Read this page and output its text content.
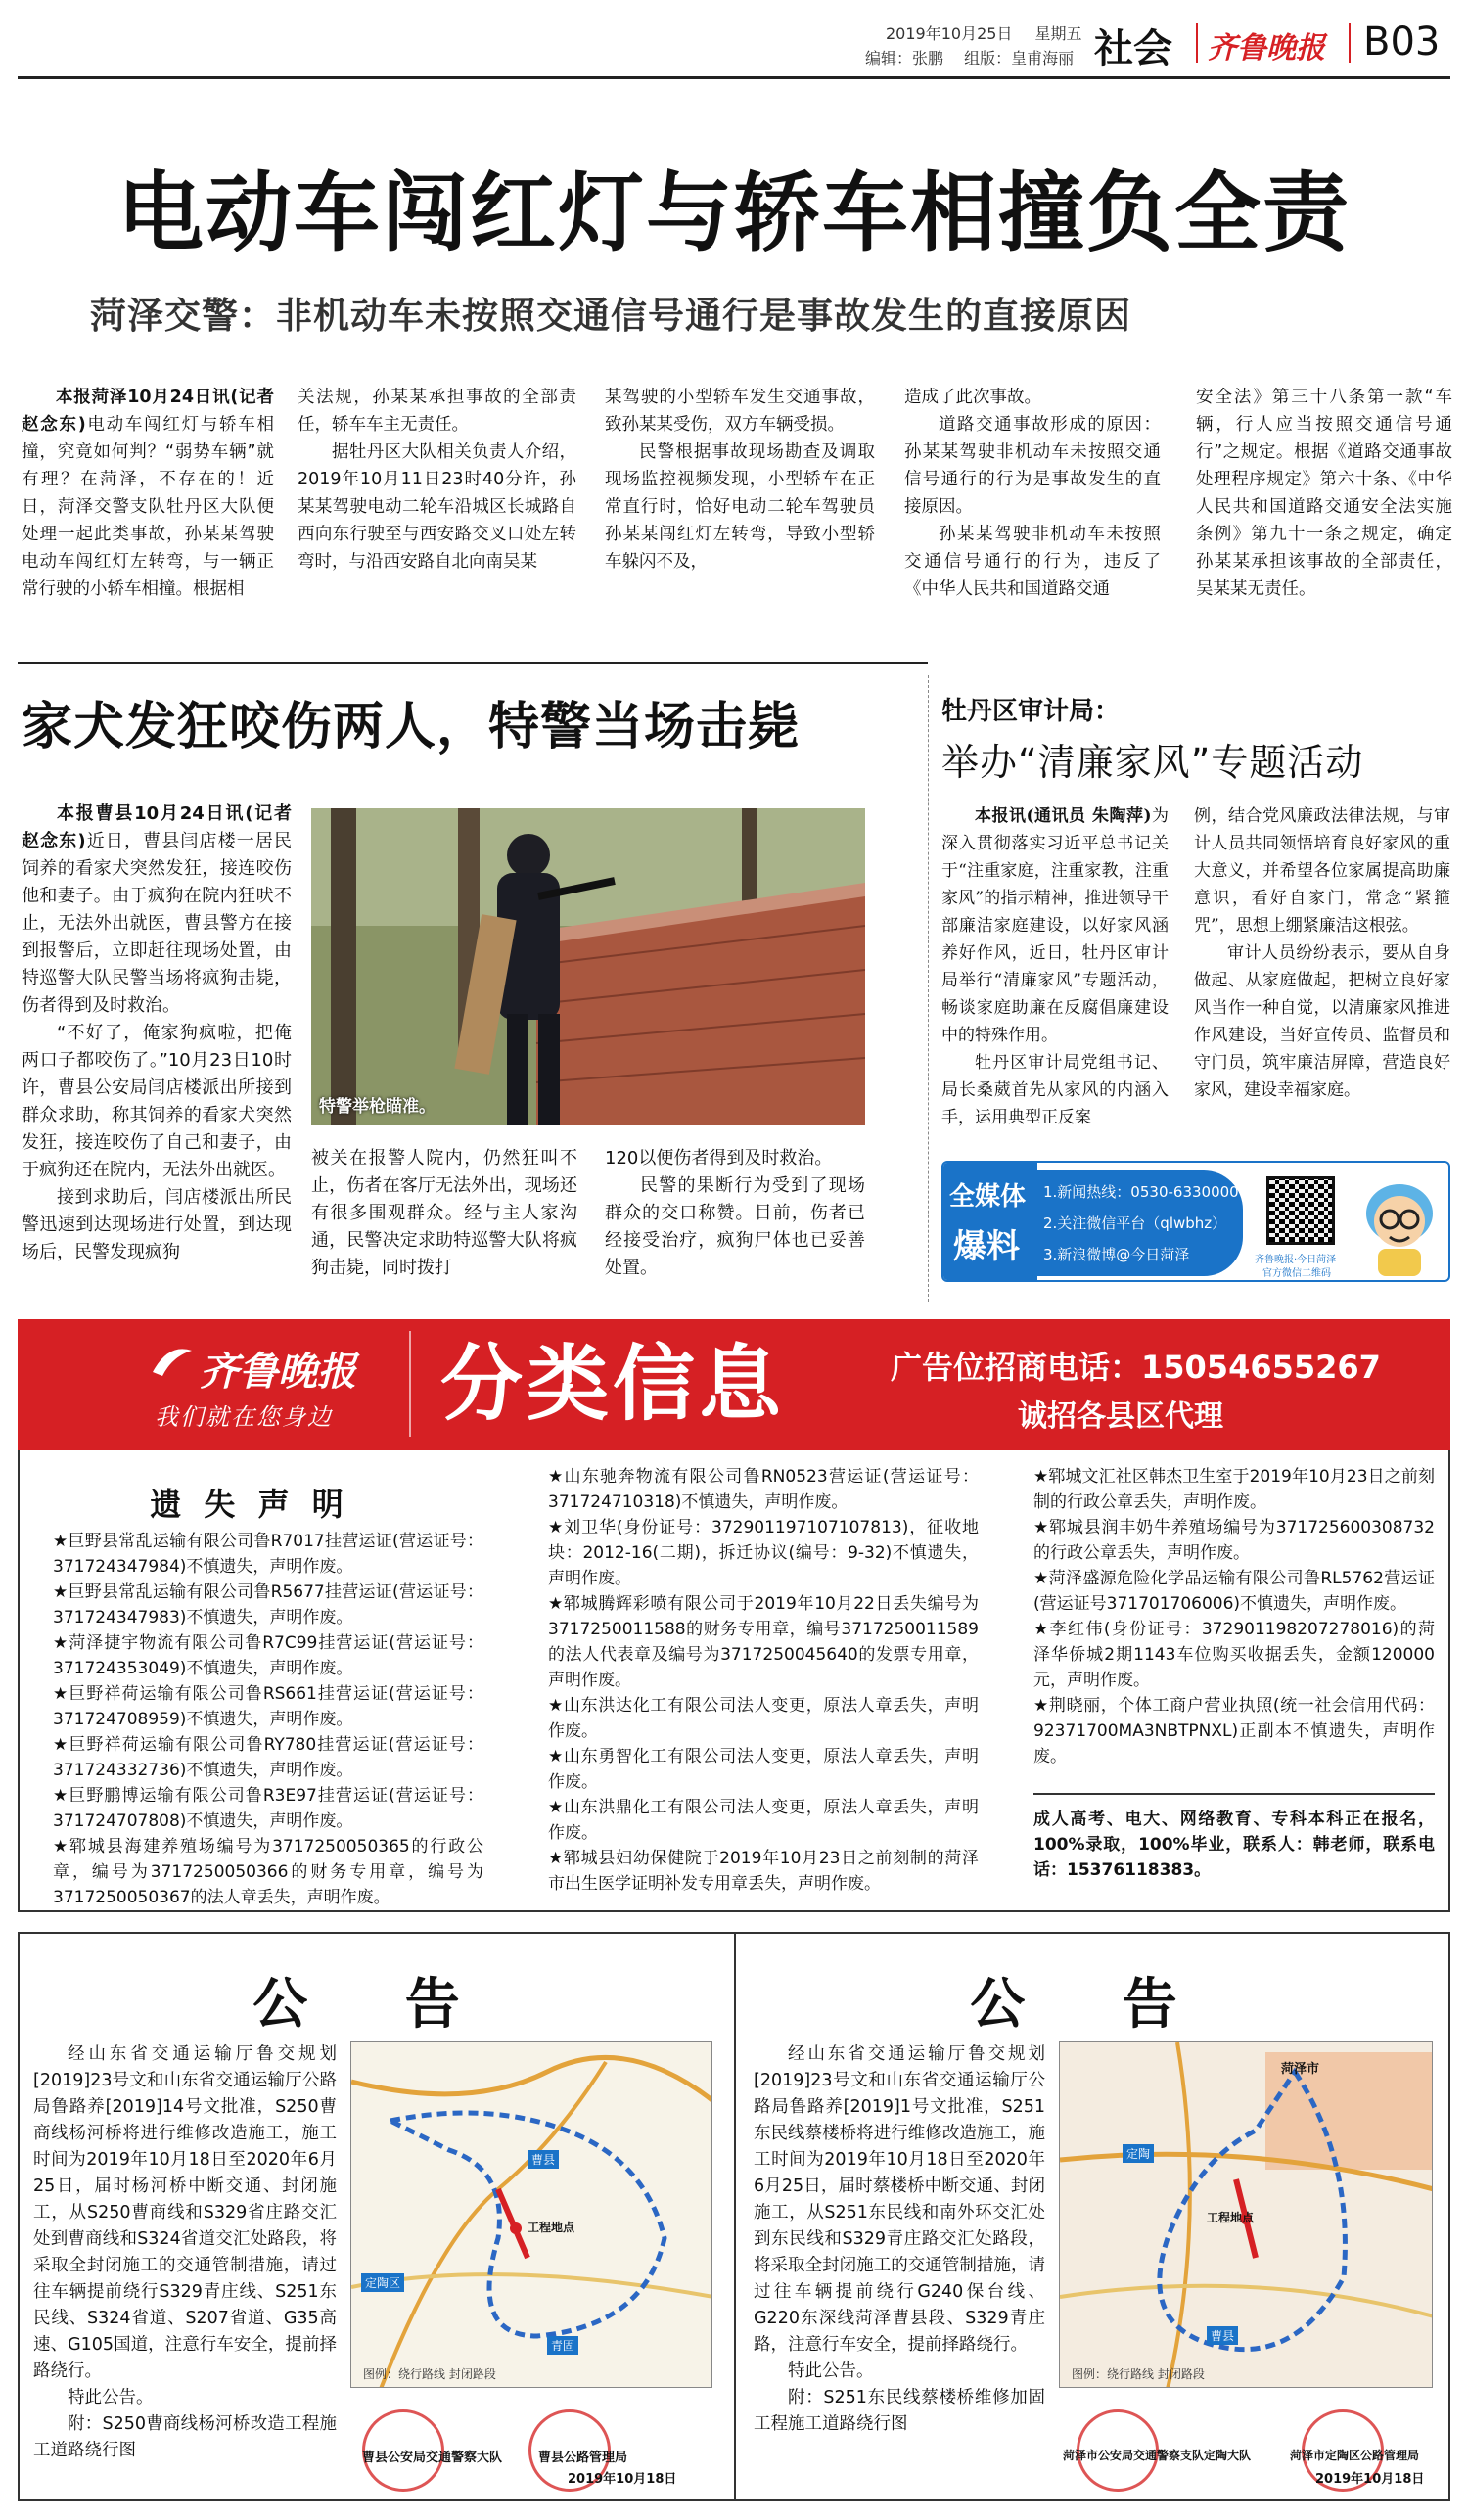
2019年10月25日 星期五
编辑：张鹏 组版：皇甫海丽 社会 齐鲁晚报 B03
电动车闯红灯与轿车相撞负全责
菏泽交警：非机动车未按照交通信号通行是事故发生的直接原因

本报菏泽10月24日讯(记者 赵念东)电动车闯红灯与轿车相撞，究竟如何判？“弱势车辆”就有理？在菏泽，不存在的！近日，菏泽交警支队牡丹区大队便处理一起此类事故，孙某某驾驶电动车闯红灯左转弯，与一辆正常行驶的小轿车相撞。根据相

关法规，孙某某承担事故的全部责任，轿车车主无责任。

据牡丹区大队相关负责人介绍，2019年10月11日23时40分许，孙某某驾驶电动二轮车沿城区长城路自西向东行驶至与西安路交叉口处左转弯时，与沿西安路自北向南吴某

某驾驶的小型轿车发生交通事故，致孙某某受伤，双方车辆受损。

民警根据事故现场勘查及调取现场监控视频发现，小型轿车在正常直行时，恰好电动二轮车驾驶员孙某某闯红灯左转弯，导致小型轿车躲闪不及，

造成了此次事故。

道路交通事故形成的原因：孙某某驾驶非机动车未按照交通信号通行的行为是事故发生的直接原因。

孙某某驾驶非机动车未按照交通信号通行的行为，违反了《中华人民共和国道路交通

安全法》第三十八条第一款“车辆，行人应当按照交通信号通行”之规定。根据《道路交通事故处理程序规定》第六十条、《中华人民共和国道路交通安全法实施条例》第九十一条之规定，确定孙某某承担该事故的全部责任，吴某某无责任。

家犬发狂咬伤两人，特警当场击毙

本报曹县10月24日讯(记者 赵念东)近日，曹县闫店楼一居民饲养的看家犬突然发狂，接连咬伤他和妻子。由于疯狗在院内狂吠不止，无法外出就医，曹县警方在接到报警后，立即赶往现场处置，由特巡警大队民警当场将疯狗击毙，伤者得到及时救治。

“不好了，俺家狗疯啦，把俺两口子都咬伤了。”10月23日10时许，曹县公安局闫店楼派出所接到群众求助，称其饲养的看家犬突然发狂，接连咬伤了自己和妻子，由于疯狗还在院内，无法外出就医。

接到求助后，闫店楼派出所民警迅速到达现场进行处置，到达现场后，民警发现疯狗

特警举枪瞄准。

被关在报警人院内，仍然狂叫不止，伤者在客厅无法外出，现场还有很多围观群众。经与主人家沟通，民警决定求助特巡警大队将疯狗击毙，同时拨打

120以便伤者得到及时救治。

民警的果断行为受到了现场群众的交口称赞。目前，伤者已经接受治疗，疯狗尸体也已妥善处置。

牡丹区审计局：
举办“清廉家风”专题活动

本报讯(通讯员 朱陶萍)为深入贯彻落实习近平总书记关于“注重家庭，注重家教，注重家风”的指示精神，推进领导干部廉洁家庭建设，以好家风涵养好作风，近日，牡丹区审计局举行“清廉家风”专题活动，畅谈家庭助廉在反腐倡廉建设中的特殊作用。

牡丹区审计局党组书记、局长桑葳首先从家风的内涵入手，运用典型正反案

例，结合党风廉政法律法规，与审计人员共同领悟培育良好家风的重大意义，并希望各位家属提高助廉意识，看好自家门，常念“紧箍咒”，思想上绷紧廉洁这根弦。

审计人员纷纷表示，要从自身做起、从家庭做起，把树立良好家风当作一种自觉，以清廉家风推进作风建设，当好宣传员、监督员和守门员，筑牢廉洁屏障，营造良好家风，建设幸福家庭。

全媒体
爆料
1.新闻热线：0530-6330000
2.关注微信平台（qlwbhz）
3.新浪微博@今日菏泽	齐鲁晚报·今日菏泽
官方微信二维码
齐鲁晚报
我们就在您身边 分类信息	广告位招商电话：15054655267
诚招各县区代理
遗 失 声 明
★巨野县常乱运输有限公司鲁R7017挂营运证(营运证号：371724347984)不慎遗失，声明作废。
★巨野县常乱运输有限公司鲁R5677挂营运证(营运证号：371724347983)不慎遗失，声明作废。
★菏泽捷宇物流有限公司鲁R7C99挂营运证(营运证号：371724353049)不慎遗失，声明作废。
★巨野祥荷运输有限公司鲁RS661挂营运证(营运证号：371724708959)不慎遗失，声明作废。
★巨野祥荷运输有限公司鲁RY780挂营运证(营运证号：371724332736)不慎遗失，声明作废。
★巨野鹏博运输有限公司鲁R3E97挂营运证(营运证号：371724707808)不慎遗失，声明作废。
★郓城县海建养殖场编号为3717250050365的行政公章，编号为3717250050366的财务专用章，编号为3717250050367的法人章丢失，声明作废。
★山东驰奔物流有限公司鲁RN0523营运证(营运证号：371724710318)不慎遗失，声明作废。
★刘卫华(身份证号：372901197107107813)，征收地块：2012-16(二期)，拆迁协议(编号：9-32)不慎遗失，声明作废。
★郓城腾辉彩喷有限公司于2019年10月22日丢失编号为3717250011588的财务专用章，编号3717250011589的法人代表章及编号为3717250045640的发票专用章，声明作废。
★山东洪达化工有限公司法人变更，原法人章丢失，声明作废。
★山东勇智化工有限公司法人变更，原法人章丢失，声明作废。
★山东洪鼎化工有限公司法人变更，原法人章丢失，声明作废。
★郓城县妇幼保健院于2019年10月23日之前刻制的菏泽市出生医学证明补发专用章丢失，声明作废。
★郓城文汇社区韩杰卫生室于2019年10月23日之前刻制的行政公章丢失，声明作废。
★郓城县润丰奶牛养殖场编号为371725600308732的行政公章丢失，声明作废。
★菏泽盛源危险化学品运输有限公司鲁RL5762营运证(营运证号371701706006)不慎遗失，声明作废。
★李红伟(身份证号：372901198207278016)的菏泽华侨城2期1143车位购买收据丢失，金额120000元，声明作废。
★荆晓丽，个体工商户营业执照(统一社会信用代码：92371700MA3NBTPNXL)正副本不慎遗失，声明作废。
成人高考、电大、网络教育、专科本科正在报名，100%录取，100%毕业，联系人：韩老师，联系电话：15376118383。
公 告

经山东省交通运输厅鲁交规划[2019]23号文和山东省交通运输厅公路局鲁路养[2019]14号文批准，S250曹商线杨河桥将进行维修改造施工，施工时间为2019年10月18日至2020年6月25日，届时杨河桥中断交通、封闭施工，从S250曹商线和S329省庄路交汇处到曹商线和S324省道交汇处路段，将采取全封闭施工的交通管制措施，请过往车辆提前绕行S329青庄线、S251东民线、S324省道、S207省道、G35高速、G105国道，注意行车安全，提前择路绕行。

特此公告。

附：S250曹商线杨河桥改造工程施工道路绕行图

定陶区
曹县
工程地点
青固
图例：绕行路线 封闭路段
曹县公安局交通警察大队	曹县公路管理局
2019年10月18日
公 告

经山东省交通运输厅鲁交规划[2019]23号文和山东省交通运输厅公路局鲁路养[2019]1号文批准，S251东民线蔡楼桥将进行维修改造施工，施工时间为2019年10月18日至2020年6月25日，届时蔡楼桥中断交通、封闭施工，从S251东民线和南外环交汇处到东民线和S329青庄路交汇处路段，将采取全封闭施工的交通管制措施，请过往车辆提前绕行G240保台线、G220东深线菏泽曹县段、S329青庄路，注意行车安全，提前择路绕行。

特此公告。

附：S251东民线蔡楼桥维修加固工程施工道路绕行图

菏泽市
工程地点
定陶
曹县
图例：绕行路线 封闭路段
菏泽市公安局交通警察支队定陶大队	菏泽市定陶区公路管理局
2019年10月18日
